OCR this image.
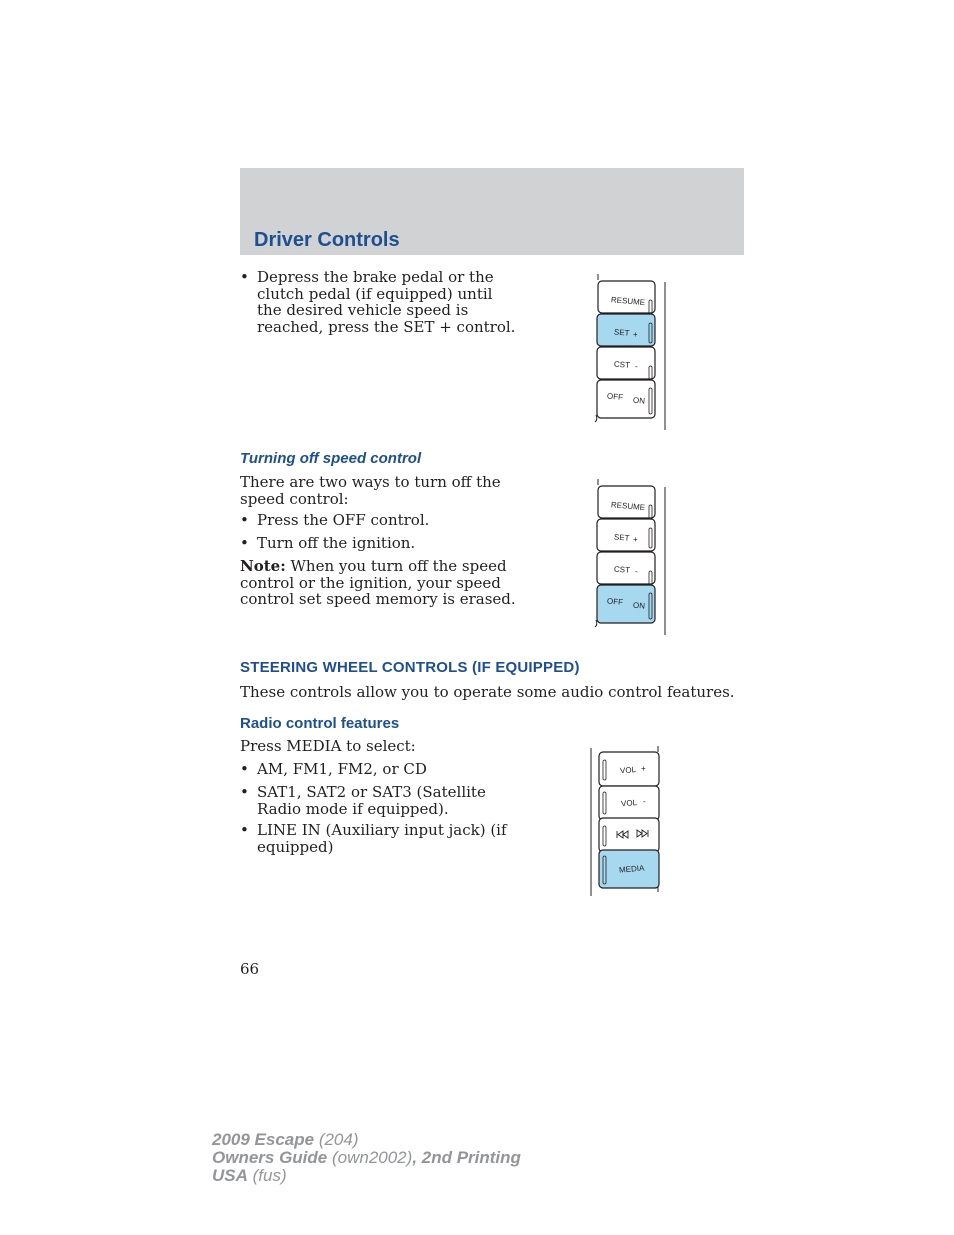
Driver Controls
• Depress the brake pedal or the
clutch pedal (if equipped) until
the desired vehicle speed is
reached, press the SET + control.
RESUME
SET +
CST -
OFF ON
Turning off speed control
There are two ways to turn off the
speed control:
• Press the OFF control.
• Turn off the ignition.
Note: When you turn off the speed
control or the ignition, your speed
control set speed memory is erased.
RESUME
SET +
CST -
OFF ON
STEERING WHEEL CONTROLS (IF EQUIPPED)
These controls allow you to operate some audio control features.
Radio control features
Press MEDIA to select:
• AM, FM1, FM2, or CD
• SAT1, SAT2 or SAT3 (Satellite
Radio mode if equipped).
• LINE IN (Auxiliary input jack) (if
equipped)
VOL +
VOL -
MEDIA
66
2009 Escape (204)
Owners Guide (own2002), 2nd Printing
USA (fus)
